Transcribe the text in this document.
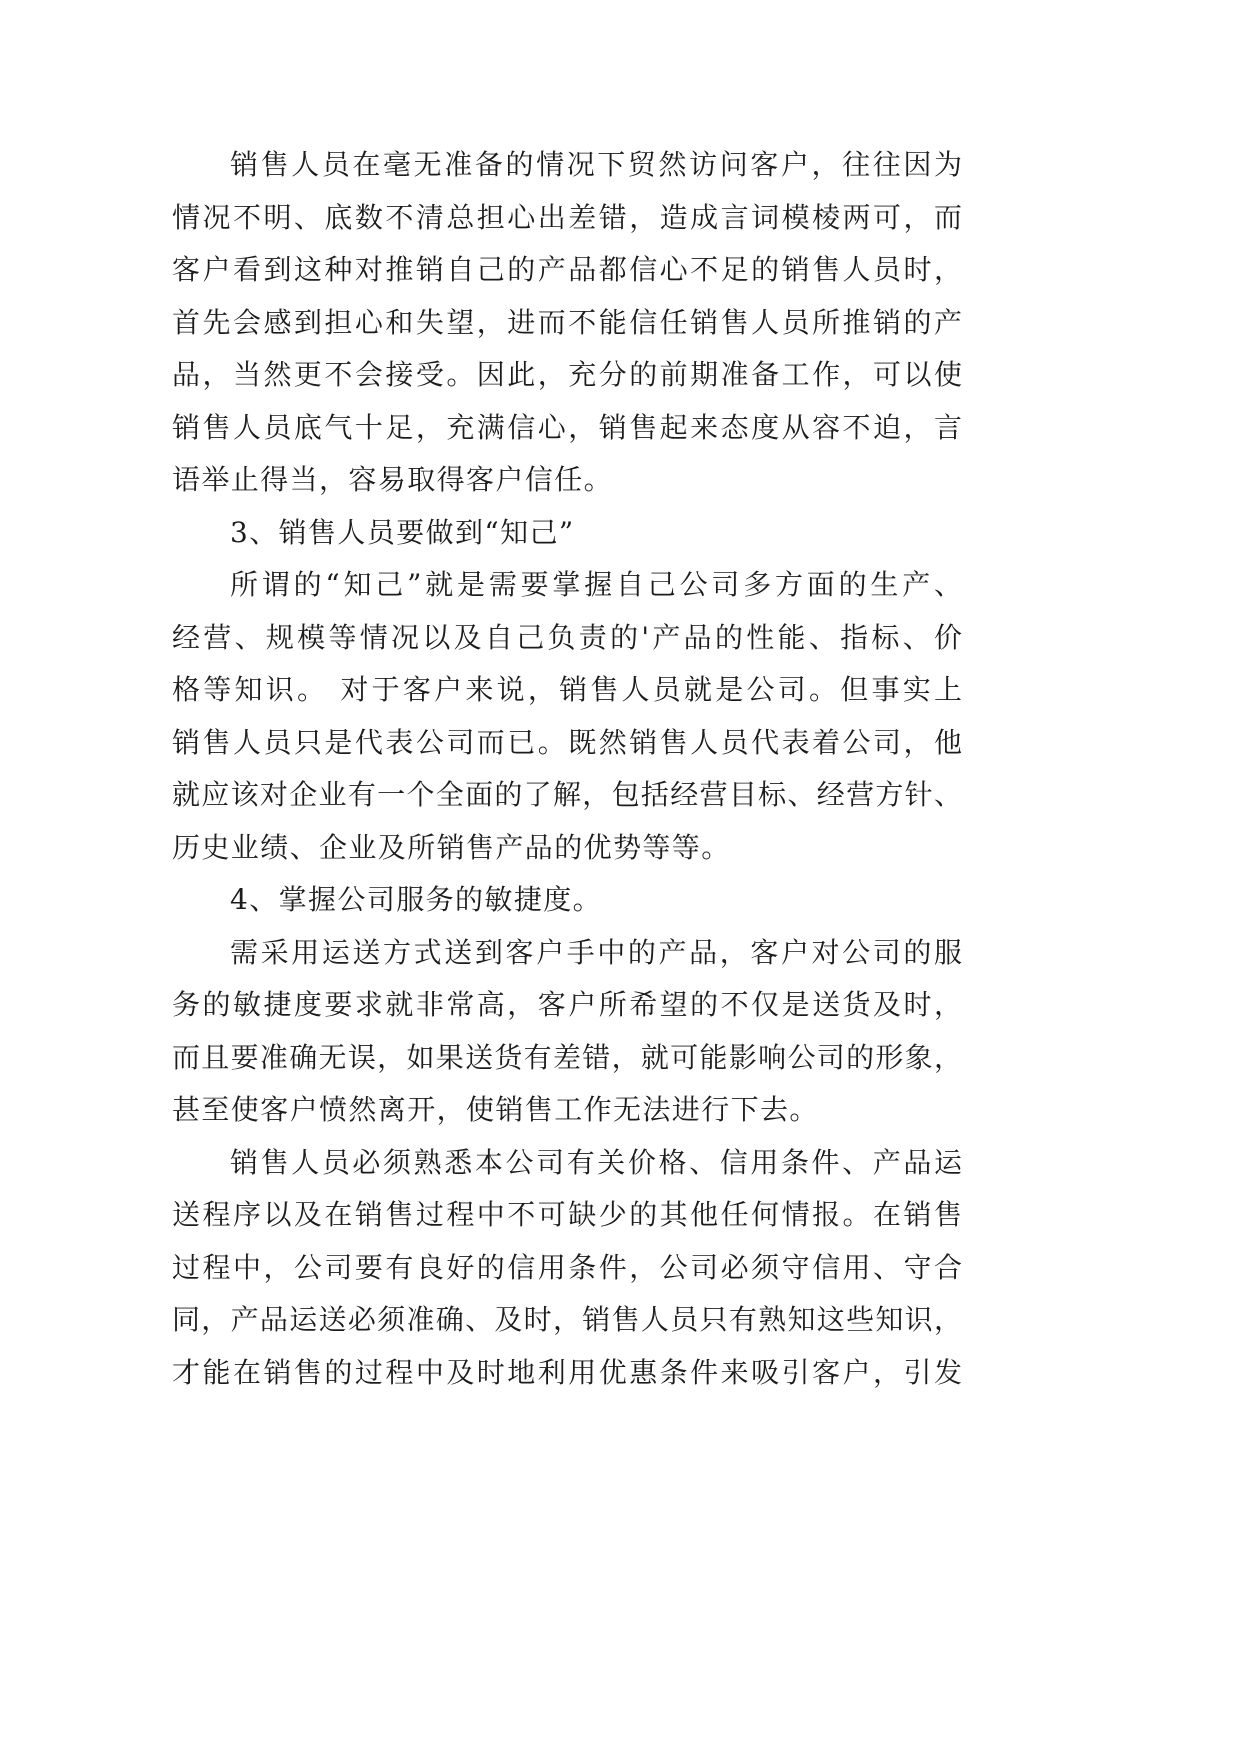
销售人员在毫无准备的情况下贸然访问客户，往往因为
情况不明、底数不清总担心出差错，造成言词模棱两可，而
客户看到这种对推销自己的产品都信心不足的销售人员时，
首先会感到担心和失望，进而不能信任销售人员所推销的产
品，当然更不会接受。因此，充分的前期准备工作，可以使
销售人员底气十足，充满信心，销售起来态度从容不迫，言
语举止得当，容易取得客户信任。

3、销售人员要做到“知己”

所谓的“知己”就是需要掌握自己公司多方面的生产、
经营、规模等情况以及自己负责的'产品的性能、指标、价
格等知识。 对于客户来说，销售人员就是公司。但事实上
销售人员只是代表公司而已。既然销售人员代表着公司，他
就应该对企业有一个全面的了解，包括经营目标、经营方针、
历史业绩、企业及所销售产品的优势等等。

4、掌握公司服务的敏捷度。

需采用运送方式送到客户手中的产品，客户对公司的服
务的敏捷度要求就非常高，客户所希望的不仅是送货及时，
而且要准确无误，如果送货有差错，就可能影响公司的形象，
甚至使客户愤然离开，使销售工作无法进行下去。

销售人员必须熟悉本公司有关价格、信用条件、产品运
送程序以及在销售过程中不可缺少的其他任何情报。在销售
过程中，公司要有良好的信用条件，公司必须守信用、守合
同，产品运送必须准确、及时，销售人员只有熟知这些知识，
才能在销售的过程中及时地利用优惠条件来吸引客户，引发
